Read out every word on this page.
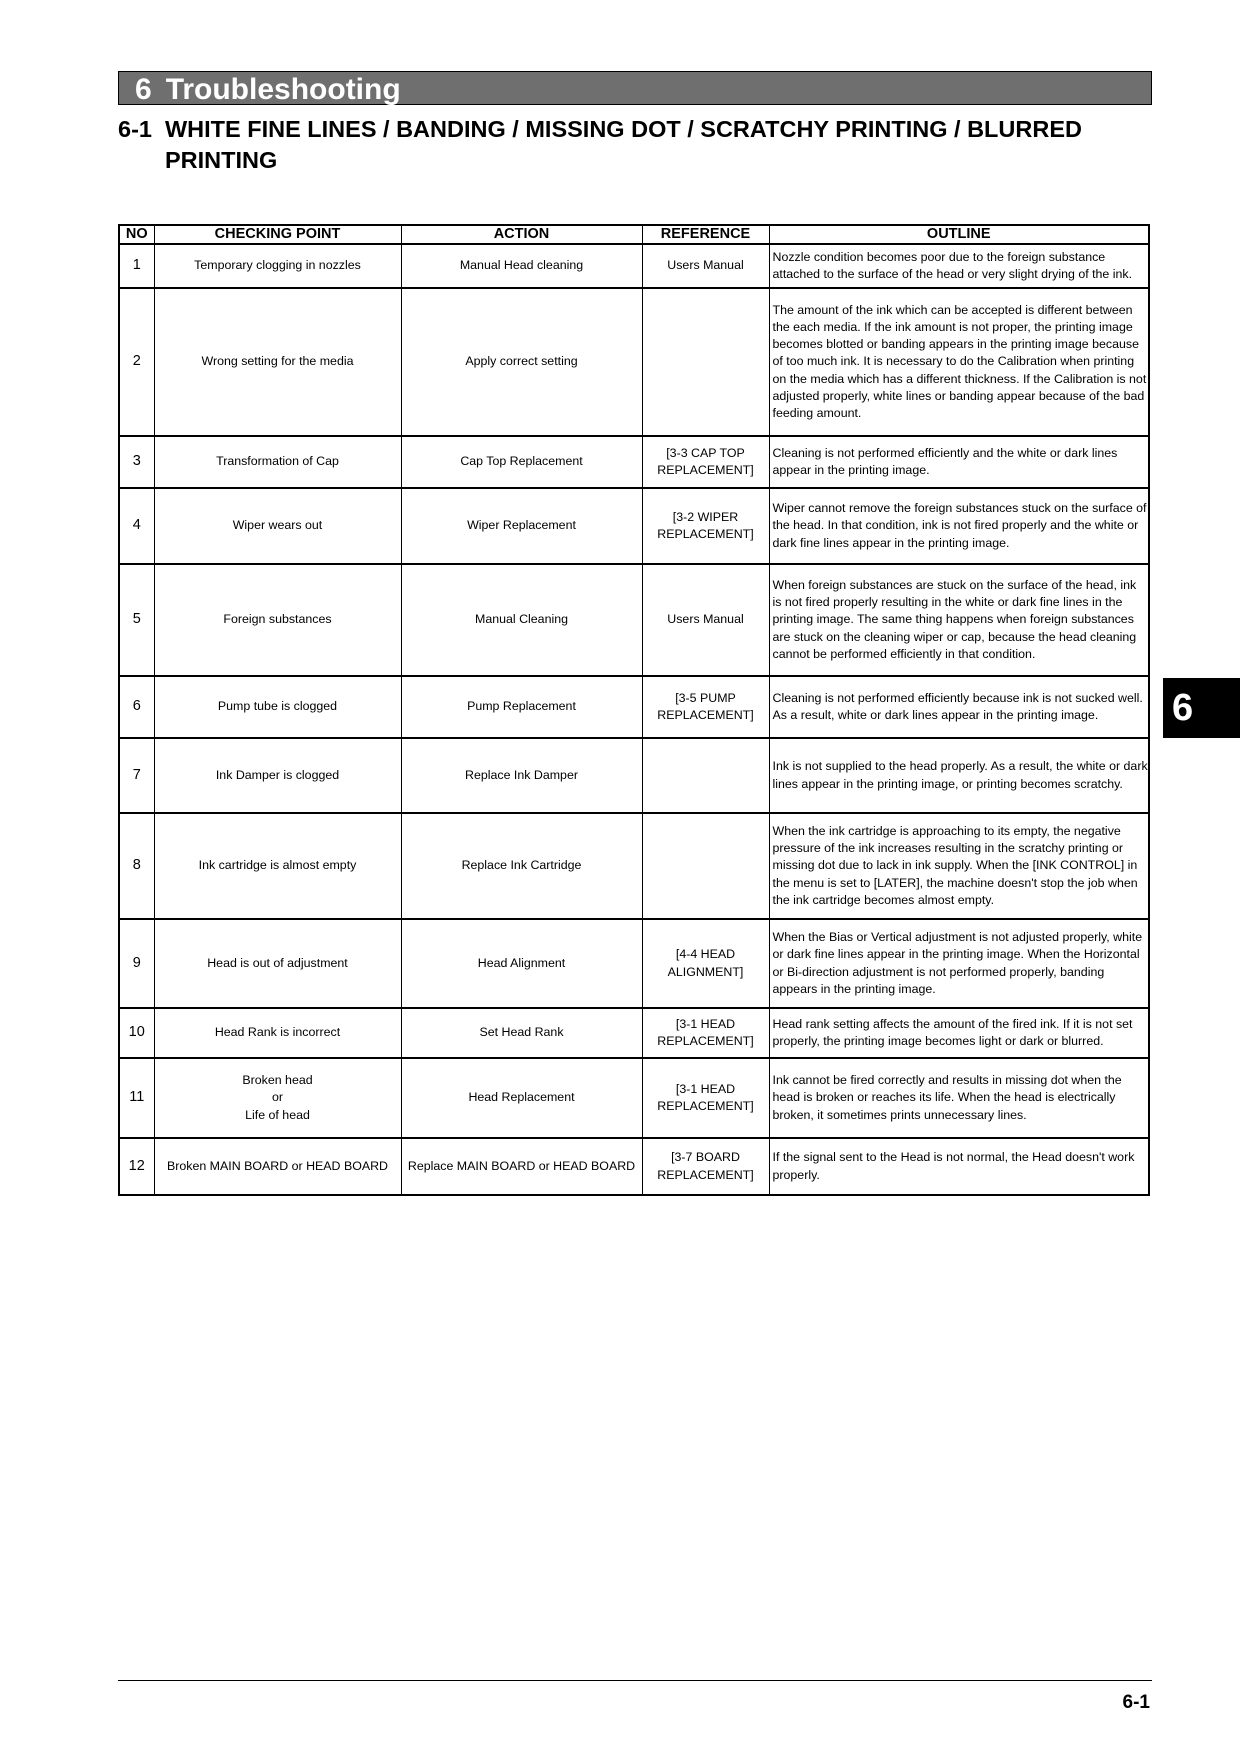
6 Troubleshooting
6-1 WHITE FINE LINES / BANDING / MISSING DOT / SCRATCHY PRINTING / BLURRED
PRINTING
6
NO	CHECKING POINT	ACTION	REFERENCE	OUTLINE
1	Temporary clogging in nozzles	Manual Head cleaning	Users Manual	Nozzle condition becomes poor due to the foreign substance attached to the surface of the head or very slight drying of the ink.
2	Wrong setting for the media	Apply correct setting		The amount of the ink which can be accepted is different between the each media. If the ink amount is not proper, the printing image becomes blotted or banding appears in the printing image because of too much ink. It is necessary to do the Calibration when printing on the media which has a different thickness. If the Calibration is not adjusted properly, white lines or banding appear because of the bad feeding amount.
3	Transformation of Cap	Cap Top Replacement	[3-3 CAP TOP REPLACEMENT]	Cleaning is not performed efficiently and the white or dark lines appear in the printing image.
4	Wiper wears out	Wiper Replacement	[3-2 WIPER REPLACEMENT]	Wiper cannot remove the foreign substances stuck on the surface of the head. In that condition, ink is not fired properly and the white or dark fine lines appear in the printing image.
5	Foreign substances	Manual Cleaning	Users Manual	When foreign substances are stuck on the surface of the head, ink is not fired properly resulting in the white or dark fine lines in the printing image. The same thing happens when foreign substances are stuck on the cleaning wiper or cap, because the head cleaning cannot be performed efficiently in that condition.
6	Pump tube is clogged	Pump Replacement	[3-5 PUMP REPLACEMENT]	Cleaning is not performed efficiently because ink is not sucked well. As a result, white or dark lines appear in the printing image.
7	Ink Damper is clogged	Replace Ink Damper		Ink is not supplied to the head properly. As a result, the white or dark lines appear in the printing image, or printing becomes scratchy.
8	Ink cartridge is almost empty	Replace Ink Cartridge		When the ink cartridge is approaching to its empty, the negative pressure of the ink increases resulting in the scratchy printing or missing dot due to lack in ink supply. When the [INK CONTROL] in the menu is set to [LATER], the machine doesn't stop the job when the ink cartridge becomes almost empty.
9	Head is out of adjustment	Head Alignment	[4-4 HEAD ALIGNMENT]	When the Bias or Vertical adjustment is not adjusted properly, white or dark fine lines appear in the printing image. When the Horizontal or Bi-direction adjustment is not performed properly, banding appears in the printing image.
10	Head Rank is incorrect	Set Head Rank	[3-1 HEAD REPLACEMENT]	Head rank setting affects the amount of the fired ink. If it is not set properly, the printing image becomes light or dark or blurred.
11	Broken head
or
Life of head	Head Replacement	[3-1 HEAD REPLACEMENT]	Ink cannot be fired correctly and results in missing dot when the head is broken or reaches its life. When the head is electrically broken, it sometimes prints unnecessary lines.
12	Broken MAIN BOARD or HEAD BOARD	Replace MAIN BOARD or HEAD BOARD	[3-7 BOARD REPLACEMENT]	If the signal sent to the Head is not normal, the Head doesn't work properly.
6-1
